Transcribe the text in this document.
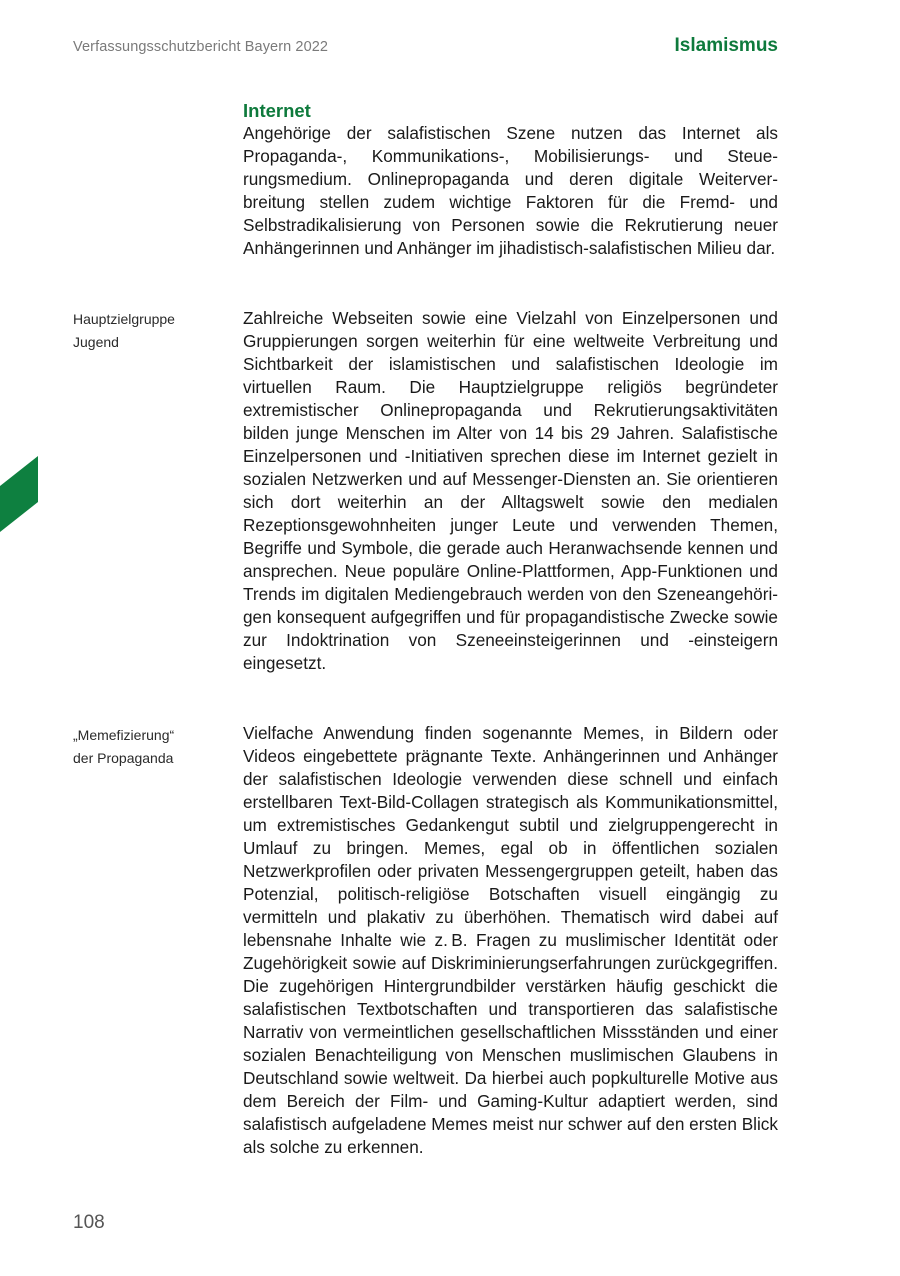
Verfassungsschutzbericht Bayern 2022	Islamismus
Internet

Angehörige der salafistischen Szene nutzen das Internet als Propaganda-, Kommunikations-, Mobilisierungs- und Steuerungsmedium. Onlinepropaganda und deren digitale Weiterverbreitung stellen zudem wichtige Faktoren für die Fremd- und Selbstradikalisierung von Personen sowie die Rekrutierung neuer Anhängerinnen und Anhänger im jihadistisch-salafistischen Milieu dar.

Hauptzielgruppe
Jugend

Zahlreiche Webseiten sowie eine Vielzahl von Einzelpersonen und Gruppierungen sorgen weiterhin für eine weltweite Verbreitung und Sichtbarkeit der islamistischen und salafistischen Ideologie im virtuellen Raum. Die Hauptzielgruppe religiös begründeter extremistischer Onlinepropaganda und Rekrutierungsaktivitäten bilden junge Menschen im Alter von 14 bis 29 Jahren. Salafistische Einzelpersonen und -Initiativen sprechen diese im Internet gezielt in sozialen Netzwerken und auf Messenger-Diensten an. Sie orientieren sich dort weiterhin an der Alltagswelt sowie den medialen Rezeptionsgewohnheiten junger Leute und verwenden Themen, Begriffe und Symbole, die gerade auch Heranwachsende kennen und ansprechen. Neue populäre Online-Plattformen, App-Funktionen und Trends im digitalen Mediengebrauch werden von den Szeneangehörigen konsequent aufgegriffen und für propagandistische Zwecke sowie zur Indoktrination von Szeneeinsteigerinnen und -einsteigern eingesetzt.

„Memefizierung“
der Propaganda

Vielfache Anwendung finden sogenannte Memes, in Bildern oder Videos eingebettete prägnante Texte. Anhängerinnen und Anhänger der salafistischen Ideologie verwenden diese schnell und einfach erstellbaren Text-Bild-Collagen strategisch als Kommunikationsmittel, um extremistisches Gedankengut subtil und zielgruppengerecht in Umlauf zu bringen. Memes, egal ob in öffentlichen sozialen Netzwerkprofilen oder privaten Messengergruppen geteilt, haben das Potenzial, politisch-religiöse Botschaften visuell eingängig zu vermitteln und plakativ zu überhöhen. Thematisch wird dabei auf lebensnahe Inhalte wie z. B. Fragen zu muslimischer Identität oder Zugehörigkeit sowie auf Diskriminierungserfahrungen zurückgegriffen. Die zugehörigen Hintergrundbilder verstärken häufig geschickt die salafistischen Textbotschaften und transportieren das salafistische Narrativ von vermeintlichen gesellschaftlichen Missständen und einer sozialen Benachteiligung von Menschen muslimischen Glaubens in Deutschland sowie weltweit. Da hierbei auch popkulturelle Motive aus dem Bereich der Film- und Gaming-Kultur adaptiert werden, sind salafistisch aufgeladene Memes meist nur schwer auf den ersten Blick als solche zu erkennen.

108
